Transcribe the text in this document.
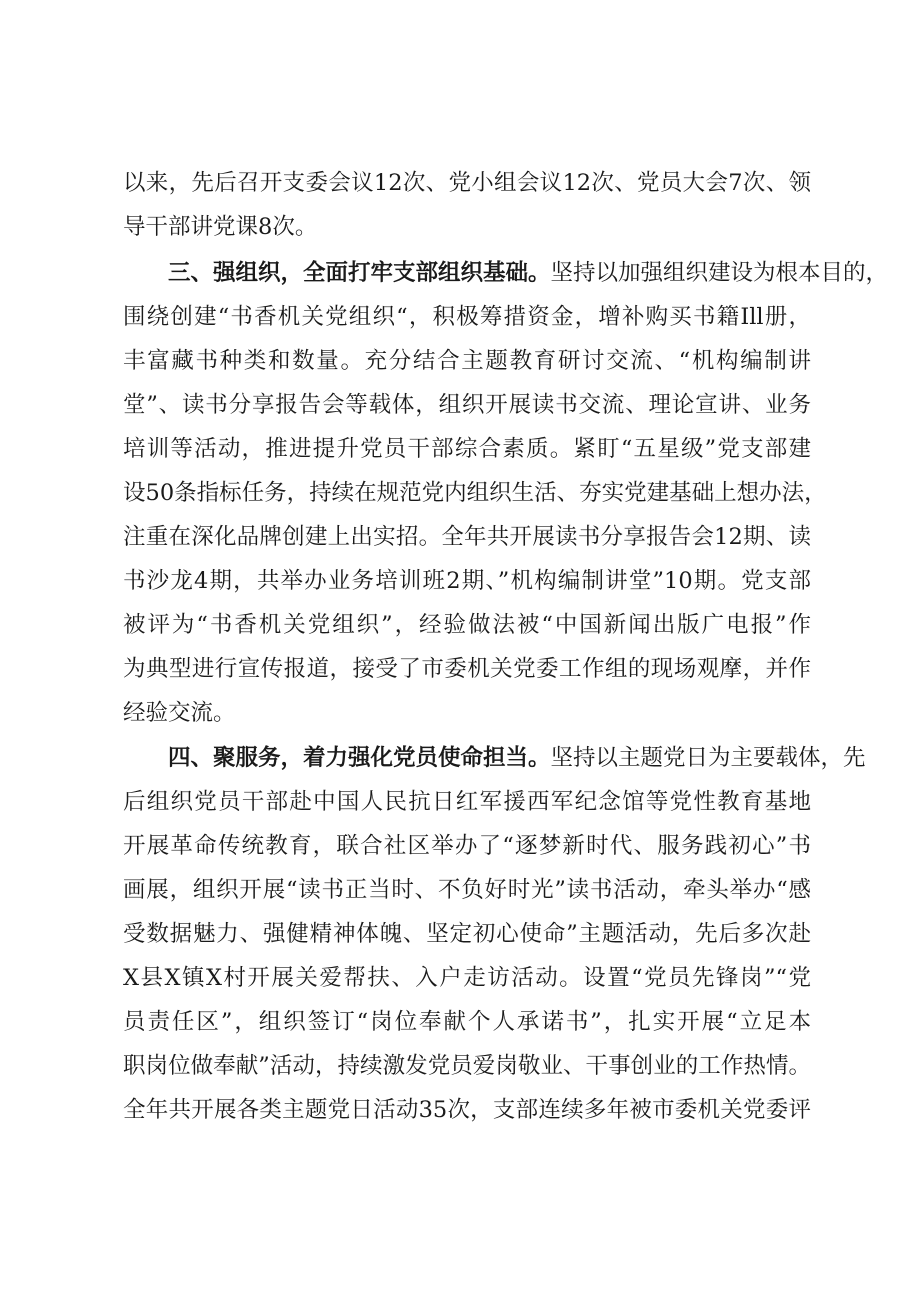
以来，先后召开支委会议12次、党小组会议12次、党员大会7次、领
导干部讲党课8次。
三、强组织，全面打牢支部组织基础。坚持以加强组织建设为根本目的，
围绕创建“书香机关党组织“，积极筹措资金，增补购买书籍Ill册，
丰富藏书种类和数量。充分结合主题教育研讨交流、“机构编制讲
堂”、读书分享报告会等载体，组织开展读书交流、理论宣讲、业务
培训等活动，推进提升党员干部综合素质。紧盯“五星级”党支部建
设50条指标任务，持续在规范党内组织生活、夯实党建基础上想办法，
注重在深化品牌创建上出实招。全年共开展读书分享报告会12期、读
书沙龙4期，共举办业务培训班2期、”机构编制讲堂”10期。党支部
被评为“书香机关党组织”，经验做法被“中国新闻出版广电报”作
为典型进行宣传报道，接受了市委机关党委工作组的现场观摩，并作
经验交流。
四、聚服务，着力强化党员使命担当。坚持以主题党日为主要载体，先
后组织党员干部赴中国人民抗日红军援西军纪念馆等党性教育基地
开展革命传统教育，联合社区举办了“逐梦新时代、服务践初心”书
画展，组织开展“读书正当时、不负好时光”读书活动，牵头举办“感
受数据魅力、强健精神体魄、坚定初心使命”主题活动，先后多次赴
X县X镇X村开展关爱帮扶、入户走访活动。设置“党员先锋岗”“党
员责任区”，组织签订“岗位奉献个人承诺书”，扎实开展“立足本
职岗位做奉献”活动，持续激发党员爱岗敬业、干事创业的工作热情。
全年共开展各类主题党日活动35次，支部连续多年被市委机关党委评
